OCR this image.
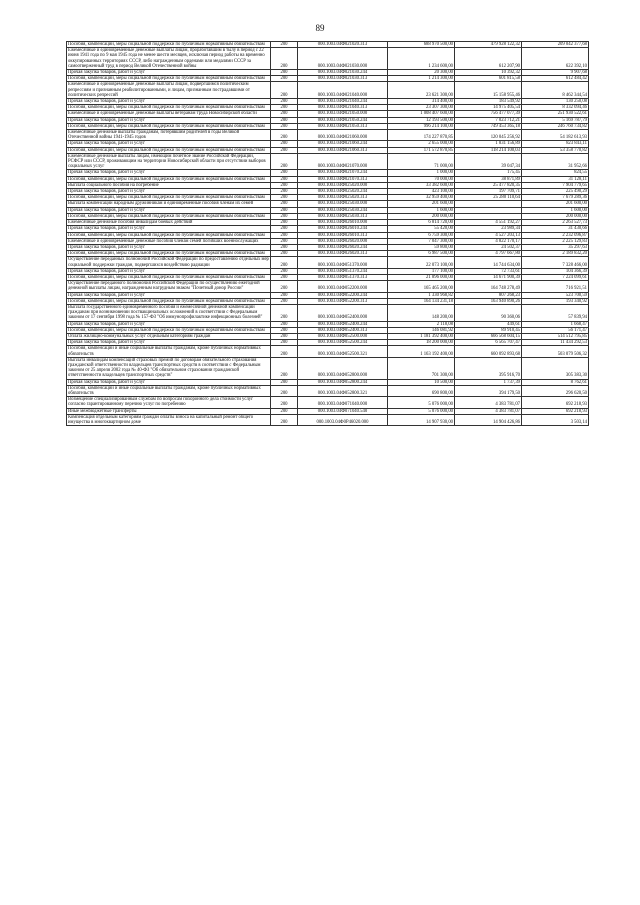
89
Пособия, компенсации, меры социальной поддержки по публичным нормативным обязательствам	200	000.1003.04Ф021020.313	688 970 500,00	479 928 122,32	209 042 377,68
Ежемесячные и единовременные денежные выплаты лицам, проработавшим в тылу в период с 22 июня 1941 года по 9 мая 1945 года не менее шести месяцев, исключая период работы на временно оккупированных территориях СССР, либо награжденным орденами или медалями СССР за самоотверженный труд в период Великой Отечественной войны	200	000.1003.04Ф021030.000	1 234 600,00	612 207,90	622 392,10
Прочая закупка товаров, работ и услуг	200	000.1003.04Ф021030.244	20 300,00	10 392,32	9 907,68
Пособия, компенсации, меры социальной поддержки по публичным нормативным обязательствам	200	000.1003.04Ф021030.313	1 214 300,00	601 815,58	612 484,42
Ежемесячные и единовременные денежные выплаты лицам, подвергшимся политическим репрессиям и признанным реабилитированными, и лицам, признанным пострадавшими от политических репрессий	200	000.1003.04Ф021040.000	23 621 300,00	15 158 955,46	8 462 344,54
Прочая закупка товаров, работ и услуг	200	000.1003.04Ф021040.244	314 400,00	183 549,92	130 250,08
Пособия, компенсации, меры социальной поддержки по публичным нормативным обязательствам	200	000.1003.04Ф021040.313	23 307 300,00	14 975 405,54	8 332 094,46
Ежемесячные и единовременные денежные выплаты ветеранам труда Новосибирской области	200	000.1003.04Ф021050.000	1 008 407 600,00	756 477 077,39	251 930 522,61
Прочая закупка товаров, работ и услуг	200	000.1003.04Ф021050.244	12 193 500,00	7 023 712,21	5 169 787,79
Пособия, компенсации, меры социальной поддержки по публичным нормативным обязательствам	200	000.1003.04Ф021050.313	996 214 100,00	749 453 365,18	246 760 734,82
Ежемесячные денежные выплаты гражданам, потерявшим родителей в годы Великой Отечественной войны 1941-1945 годов	200	000.1003.04Ф021060.000	174 227 870,85	120 045 256,92	54 182 613,93
Прочая закупка товаров, работ и услуг	200	000.1003.04Ф021060.244	2 655 000,00	1 831 156,89	823 843,11
Пособия, компенсации, меры социальной поддержки по публичным нормативным обязательствам	200	000.1003.04Ф021060.313	171 572 870,85	118 214 100,03	53 358 770,82
Ежемесячные денежные выплаты лицам, имеющим почетное звание Российской Федерации, РСФСР или СССР, проживающим на территории Новосибирской области при отсутствии выборов социальных услуг	200	000.1003.04Ф021070.000	71 000,00	39 047,34	31 952,66
Прочая закупка товаров, работ и услуг	200	000.1003.04Ф021070.244	1 000,00	175,45	824,55
Пособия, компенсации, меры социальной поддержки по публичным нормативным обязательствам	200	000.1003.04Ф021070.313	70 000,00	38 871,89	31 128,11
Выплата социального пособия на погребение	200	000.1003.04Ф025020.000	33 382 600,00	25 477 820,35	7 904 779,65
Прочая закупка товаров, работ и услуг	200	000.1003.04Ф025020.244	423 100,00	197 709,71	225 490,29
Пособия, компенсации, меры социальной поддержки по публичным нормативным обязательствам	200	000.1003.04Ф025020.313	32 959 400,00	25 280 110,64	7 679 289,36
Выплата компенсации народным дружинникам и единовременные пособия членам их семей	200	000.1003.04Ф025030.000	201 600,00		201 600,00
Прочая закупка товаров, работ и услуг	200	000.1003.04Ф025030.244	1 600,00		1 600,00
Пособия, компенсации, меры социальной поддержки по публичным нормативным обязательствам	200	000.1003.04Ф025030.313	200 000,00		200 000,00
Ежемесячные денежные пособия инвалидам боевых действий	200	000.1003.04Ф026010.000	6 814 720,00	4 551 192,27	2 263 527,73
Прочая закупка товаров, работ и услуг	200	000.1003.04Ф026010.244	55 420,00	23 989,34	31 430,66
Пособия, компенсации, меры социальной поддержки по публичным нормативным обязательствам	200	000.1003.04Ф026010.313	6 759 300,00	4 527 203,13	2 232 096,87
Ежемесячные и единовременные денежные пособия членам семей погибших военнослужащих	200	000.1003.04Ф026020.000	7 047 300,00	4 822 170,17	2 225 129,83
Прочая закупка товаров, работ и услуг	200	000.1003.04Ф026020.244	59 800,00	24 502,37	35 297,63
Пособия, компенсации, меры социальной поддержки по публичным нормативным обязательствам	200	000.1003.04Ф026020.313	6 987 500,00	4 797 667,80	2 189 832,20
Осуществление переданных полномочий Российской Федерации по предоставлению отдельных мер социальной поддержки граждан, подвергшихся воздействию радиации	200	000.1003.04Ф051370.000	22 073 100,00	14 744 634,00	7 328 466,00
Прочая закупка товаров, работ и услуг	200	000.1003.04Ф051370.244	177 100,00	72 733,61	104 366,39
Пособия, компенсации, меры социальной поддержки по публичным нормативным обязательствам	200	000.1003.04Ф051370.313	21 896 000,00	14 671 900,39	7 224 099,61
Осуществление переданного полномочия Российской Федерации по осуществлению ежегодной денежной выплаты лицам, награжденным нагрудным знаком "Почетный донор России"	200	000.1003.04Ф052200.000	165 465 200,00	164 748 278,49	716 921,51
Прочая закупка товаров, работ и услуг	200	000.1003.04Ф052200.244	1 330 968,82	807 268,23	523 700,59
Пособия, компенсации, меры социальной поддержки по публичным нормативным обязательствам	200	000.1003.04Ф052200.313	164 134 231,18	163 940 890,26	193 340,92
Выплата государственного единовременного пособия и ежемесячной денежной компенсации гражданам при возникновении поствакцинальных осложнений в соответствии с Федеральным законом от 17 сентября 1998 года № 157-ФЗ "Об иммунопрофилактике инфекционных болезней"	200	000.1003.04Ф052400.000	148 200,00	90 360,06	57 839,94
Прочая закупка товаров, работ и услуг	200	000.1003.04Ф052400.244	2 118,08	449,61	1 668,47
Пособия, компенсации, меры социальной поддержки по публичным нормативным обязательствам	200	000.1003.04Ф052400.313	146 081,92	89 910,45	56 171,47
Оплата жилищно-коммунальных услуг отдельным категориям граждан	200	000.1003.04Ф052500.000	1 181 392 400,00	666 568 604,15	514 512 795,85
Прочая закупка товаров, работ и услуг	200	000.1003.04Ф052500.244	18 200 000,00	6 565 707,47	11 434 292,53
Пособия, компенсации и иные социальные выплаты гражданам, кроме публичных нормативных обязательств	200	000.1003.04Ф052500.321	1 163 192 400,00	660 092 893,68	503 079 506,32
Выплата инвалидам компенсаций страховых премий по договорам обязательного страхования гражданской ответственности владельцев транспортных средств в соответствии с Федеральным законом от 25 апреля 2002 года № 40-ФЗ "Об обязательном страховании гражданской ответственности владельцев транспортных средств"	200	000.1003.04Ф052800.000	701 300,00	395 916,70	305 383,30
Прочая закупка товаров, работ и услуг	200	000.1003.04Ф052800.244	10 500,00	1 737,39	8 762,61
Пособия, компенсации и иные социальные выплаты гражданам, кроме публичных нормативных обязательств	200	000.1003.04Ф052800.321	690 800,00	394 179,50	296 620,50
Возмещение специализированным службам по вопросам похоронного дела стоимости услуг согласно гарантированному перечню услуг по погребению	200	000.1003.04Ф071040.000	5 076 000,00	4 383 781,07	692 218,93
Иные межбюджетные трансферты	200	000.1003.04Ф071040.540	5 076 000,00	4 383 781,07	692 218,93
Компенсация отдельным категориям граждан оплаты взноса на капитальный ремонт общего имущества в многоквартирном доме	200	000.1003.04Ф0Р46020.000	14 907 930,00	14 904 426,86	3 503,14
